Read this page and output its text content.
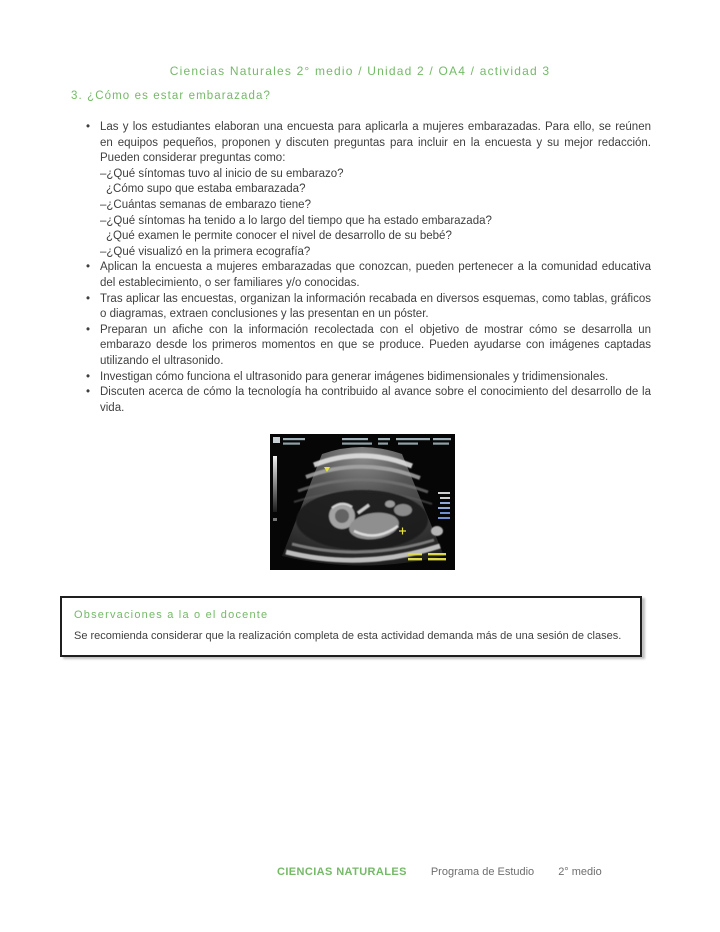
Ciencias Naturales 2° medio / Unidad 2 / OA4 / actividad 3
3. ¿Cómo es estar embarazada?
• Las y los estudiantes elaboran una encuesta para aplicarla a mujeres embarazadas. Para ello, se reúnen en equipos pequeños, proponen y discuten preguntas para incluir en la encuesta y su mejor redacción. Pueden considerar preguntas como:
–¿Qué síntomas tuvo al inicio de su embarazo?
¿Cómo supo que estaba embarazada?
–¿Cuántas semanas de embarazo tiene?
–¿Qué síntomas ha tenido a lo largo del tiempo que ha estado embarazada?
¿Qué examen le permite conocer el nivel de desarrollo de su bebé?
–¿Qué visualizó en la primera ecografía?
• Aplican la encuesta a mujeres embarazadas que conozcan, pueden pertenecer a la comunidad educativa del establecimiento, o ser familiares y/o conocidas.
• Tras aplicar las encuestas, organizan la información recabada en diversos esquemas, como tablas, gráficos o diagramas, extraen conclusiones y las presentan en un póster.
• Preparan un afiche con la información recolectada con el objetivo de mostrar cómo se desarrolla un embarazo desde los primeros momentos en que se produce. Pueden ayudarse con imágenes captadas utilizando el ultrasonido.
• Investigan cómo funciona el ultrasonido para generar imágenes bidimensionales y tridimensionales.
• Discuten acerca de cómo la tecnología ha contribuido al avance sobre el conocimiento del desarrollo de la vida.
Observaciones a la o el docente

Se recomienda considerar que la realización completa de esta actividad demanda más de una sesión de clases.

CIENCIAS NATURALES Programa de Estudio 2° medio
